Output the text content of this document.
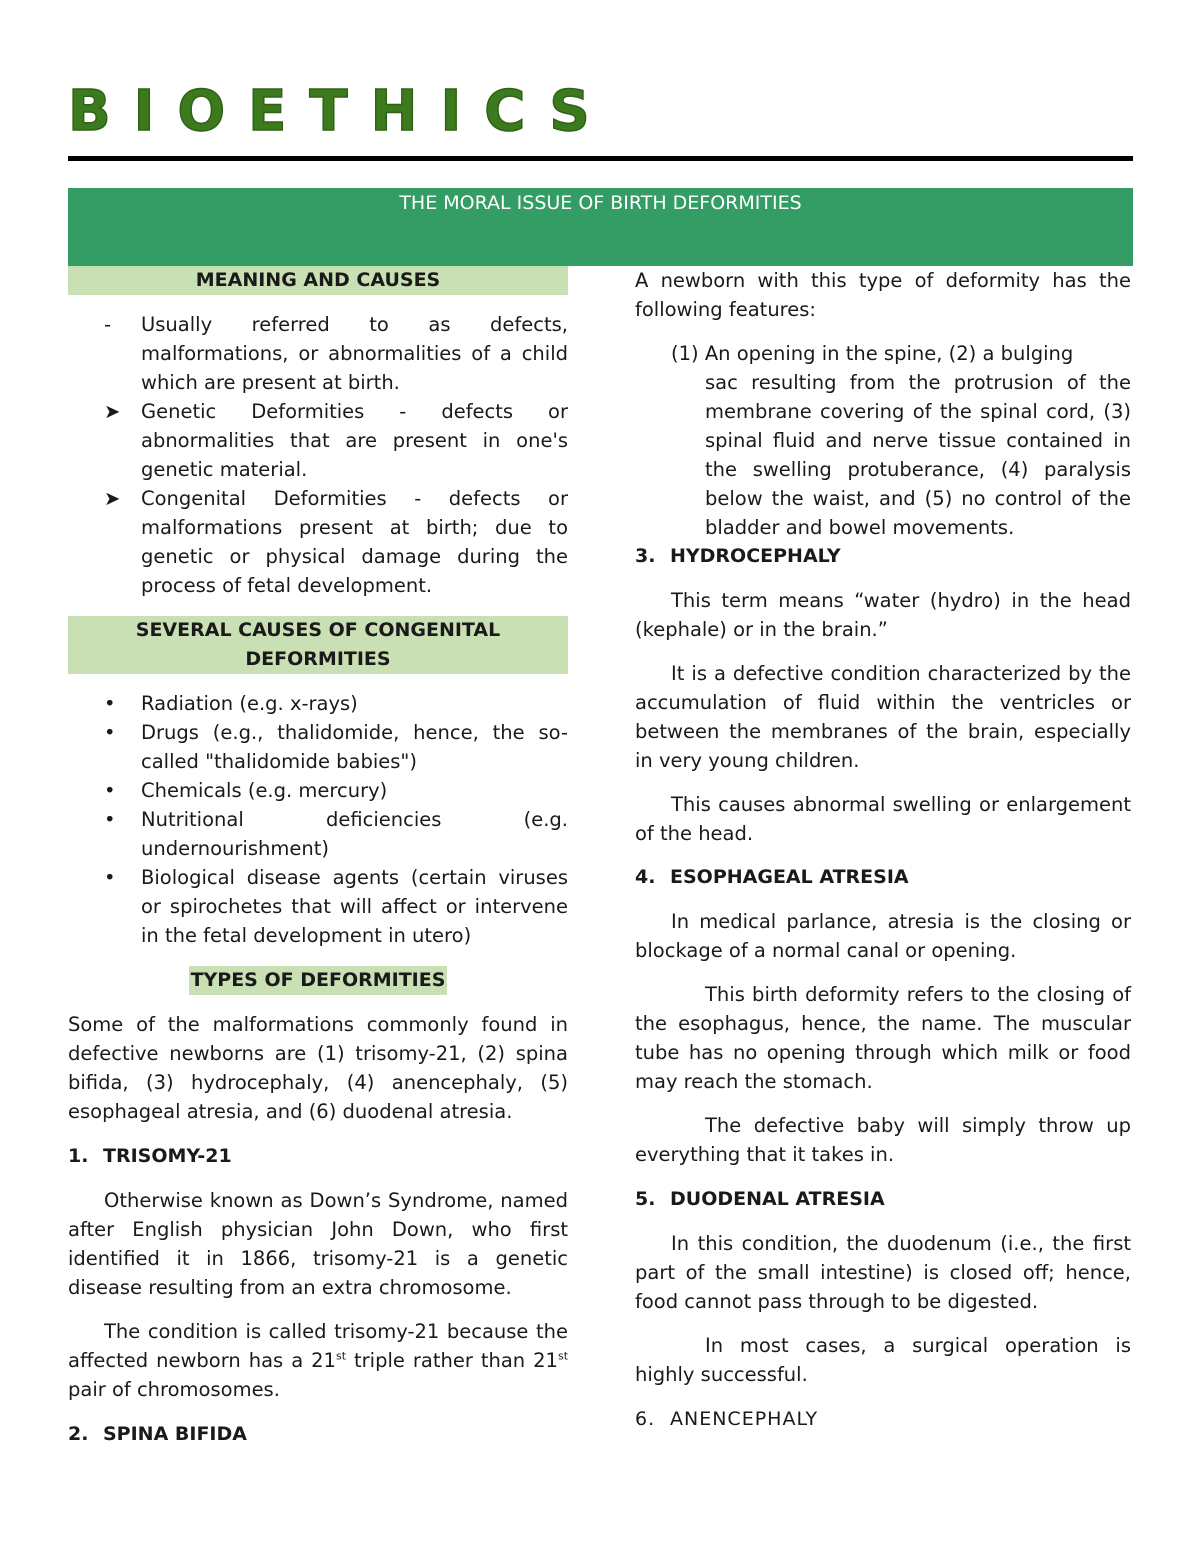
BIOETHICS
THE MORAL ISSUE OF BIRTH DEFORMITIES
MEANING AND CAUSES
- Usually referred to as defects, malformations, or abnormalities of a child which are present at birth.
➤ Genetic Deformities - defects or abnormalities that are present in one's genetic material.
➤ Congenital Deformities - defects or malformations present at birth; due to genetic or physical damage during the process of fetal development.
SEVERAL CAUSES OF CONGENITAL DEFORMITIES
• Radiation (e.g. x-rays)
• Drugs (e.g., thalidomide, hence, the so-called "thalidomide babies")
• Chemicals (e.g. mercury)
• Nutritional deficiencies (e.g. undernourishment)
• Biological disease agents (certain viruses or spirochetes that will affect or intervene in the fetal development in utero)
TYPES OF DEFORMITIES

Some of the malformations commonly found in defective newborns are (1) trisomy-21, (2) spina bifida, (3) hydrocephaly, (4) anencephaly, (5) esophageal atresia, and (6) duodenal atresia.

1. TRISOMY-21

Otherwise known as Down’s Syndrome, named after English physician John Down, who first identified it in 1866, trisomy-21 is a genetic disease resulting from an extra chromosome.

The condition is called trisomy-21 because the affected newborn has a 21st triple rather than 21st pair of chromosomes.

2. SPINA BIFIDA

A newborn with this type of deformity has the following features:

(1) An opening in the spine, (2) a bulging

sac resulting from the protrusion of the membrane covering of the spinal cord, (3) spinal fluid and nerve tissue contained in the swelling protuberance, (4) paralysis below the waist, and (5) no control of the bladder and bowel movements.

3. HYDROCEPHALY

This term means “water (hydro) in the head (kephale) or in the brain.”

It is a defective condition characterized by the accumulation of fluid within the ventricles or between the membranes of the brain, especially in very young children.

This causes abnormal swelling or enlargement of the head.

4. ESOPHAGEAL ATRESIA

In medical parlance, atresia is the closing or blockage of a normal canal or opening.

This birth deformity refers to the closing of the esophagus, hence, the name. The muscular tube has no opening through which milk or food may reach the stomach.

The defective baby will simply throw up everything that it takes in.

5. DUODENAL ATRESIA

In this condition, the duodenum (i.e., the first part of the small intestine) is closed off; hence, food cannot pass through to be digested.

In most cases, a surgical operation is highly successful.

6. ANENCEPHALY
